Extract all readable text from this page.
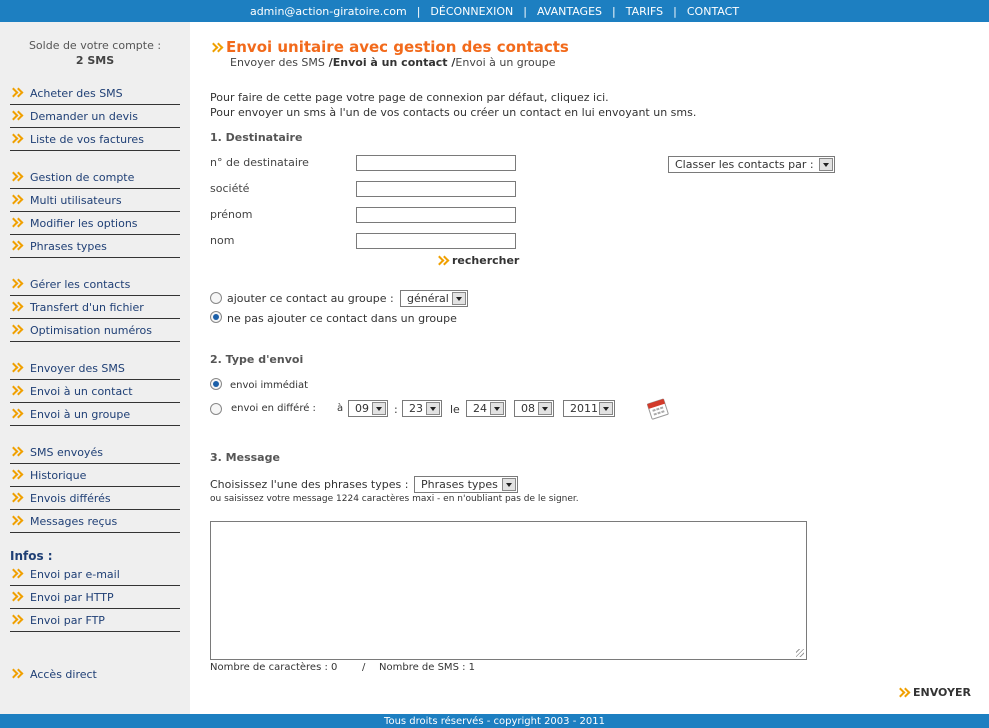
admin@action-giratoire.com | DÉCONNEXION | AVANTAGES | TARIFS | CONTACT
Solde de votre compte :
2 SMS
Acheter des SMS
Demander un devis
Liste de vos factures
Gestion de compte
Multi utilisateurs
Modifier les options
Phrases types
Gérer les contacts
Transfert d'un fichier
Optimisation numéros
Envoyer des SMS
Envoi à un contact
Envoi à un groupe
SMS envoyés
Historique
Envois différés
Messages reçus
Infos :
Envoi par e-mail
Envoi par HTTP
Envoi par FTP
Accès direct
Envoi unitaire avec gestion des contacts
Envoyer des SMS /Envoi à un contact /Envoi à un groupe
Pour faire de cette page votre page de connexion par défaut, cliquez ici.
Pour envoyer un sms à l'un de vos contacts ou créer un contact en lui envoyant un sms.
1. Destinataire
n° de destinataire
société
prénom
nom
Classer les contacts par :
rechercher
ajouter ce contact au groupe : général
ne pas ajouter ce contact dans un groupe
2. Type d'envoi
envoi immédiat
envoi en différé : à 09 : 23 le 24	08	2011
3. Message
Choisissez l'une des phrases types : Phrases types
ou saisissez votre message 1224 caractères maxi - en n'oubliant pas de le signer.
Nombre de caractères : 0 / Nombre de SMS : 1
ENVOYER
Tous droits réservés - copyright 2003 - 2011
